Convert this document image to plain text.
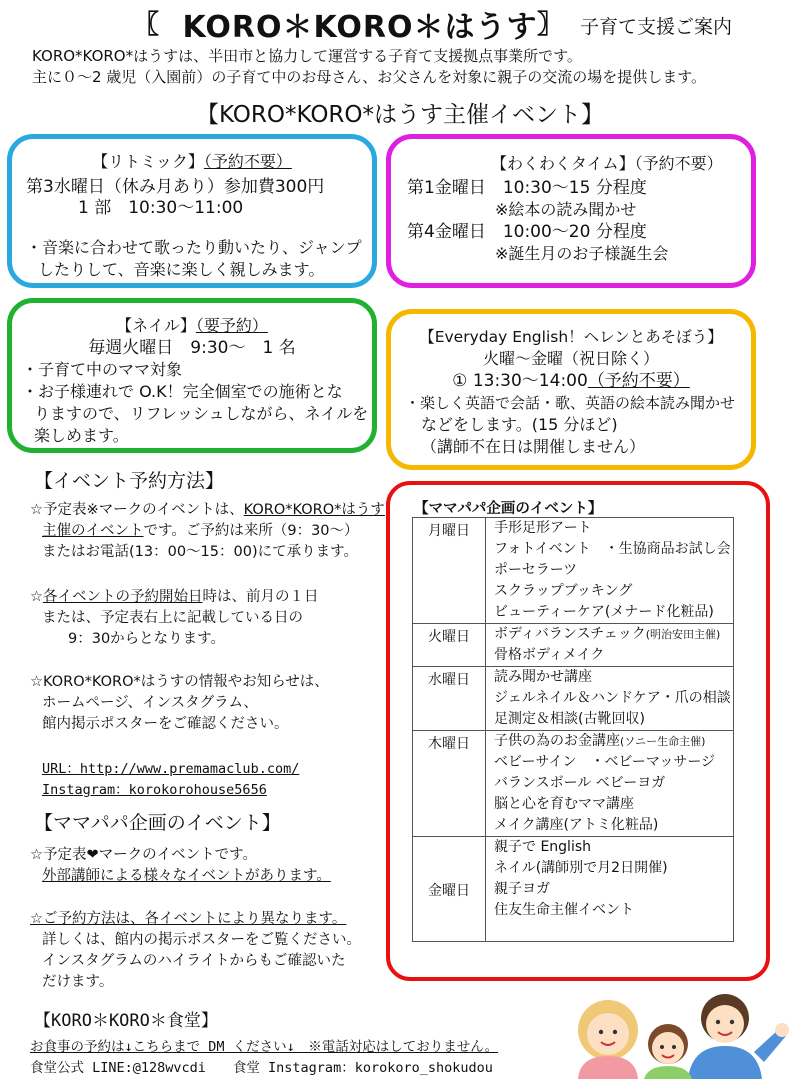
〖 KORO＊KORO＊はうす 〗 子育て支援ご案内
KORO*KORO*はうすは、半田市と協力して運営する子育て支援拠点事業所です。
主に０～2 歳児（入園前）の子育て中のお母さん、お父さんを対象に親子の交流の場を提供します。
【KORO*KORO*はうす主催イベント】
【リトミック】（予約不要）
第3水曜日（休み月あり）参加費300円
1 部　10:30～11:00
・音楽に合わせて歌ったり動いたり、ジャンプ
したりして、音楽に楽しく親しみます。
【わくわくタイム】（予約不要）
第1金曜日　10:30～15 分程度
※絵本の読み聞かせ
第4金曜日　10:00～20 分程度
※誕生月のお子様誕生会
【ネイル】（要予約）
毎週火曜日　9:30～　1 名
・子育て中のママ対象
・お子様連れで O.K！完全個室での施術とな
りますので、リフレッシュしながら、ネイルを
楽しめます。
【Everyday English！ヘレンとあそぼう】
火曜～金曜（祝日除く）
① 13:30～14:00（予約不要）
・楽しく英語で会話・歌、英語の絵本読み聞かせ
などをします。(15 分ほど)
（講師不在日は開催しません）
【イベント予約方法】
☆予定表※マークのイベントは、KORO*KORO*はうす
主催のイベントです。ご予約は来所（9：30～）
またはお電話(13：00～15：00)にて承ります。
☆各イベントの予約開始日時は、前月の１日
または、予定表右上に記載している日の
9：30からとなります。
☆KORO*KORO*はうすの情報やお知らせは、
ホームページ、インスタグラム、
館内掲示ポスターをご確認ください。
URL：http://www.premamaclub.com/
Instagram：korokorohouse5656
【ママパパ企画のイベント】
☆予定表❤マークのイベントです。
外部講師による様々なイベントがあります。
☆ご予約方法は、各イベントにより異なります。
詳しくは、館内の掲示ポスターをご覧ください。
インスタグラムのハイライトからもご確認いた
だけます。
【ママパパ企画のイベント】
月曜日	手形足形アート
フォトイベント　・生協商品お試し会
ポーセラーツ
スクラップブッキング
ビューティーケア(メナード化粧品)

火曜日	ボディバランスチェック(明治安田主催)
骨格ボディメイク

水曜日	読み聞かせ講座
ジェルネイル＆ハンドケア・爪の相談
足測定＆相談(古靴回収)

木曜日	子供の為のお金講座(ソニー生命主催)
ベビーサイン　・ベビーマッサージ
バランスボール ベビーヨガ
脳と心を育むママ講座
メイク講座(アトミ化粧品)

金曜日	親子で English
ネイル(講師別で月2日開催)
親子ヨガ
住友生命主催イベント
【KORO＊KORO＊食堂】
お食事の予約は↓こちらまで DM ください↓　※電話対応はしておりません。
食堂公式 LINE:@128wvcdi　　食堂 Instagram：korokoro_shokudou
